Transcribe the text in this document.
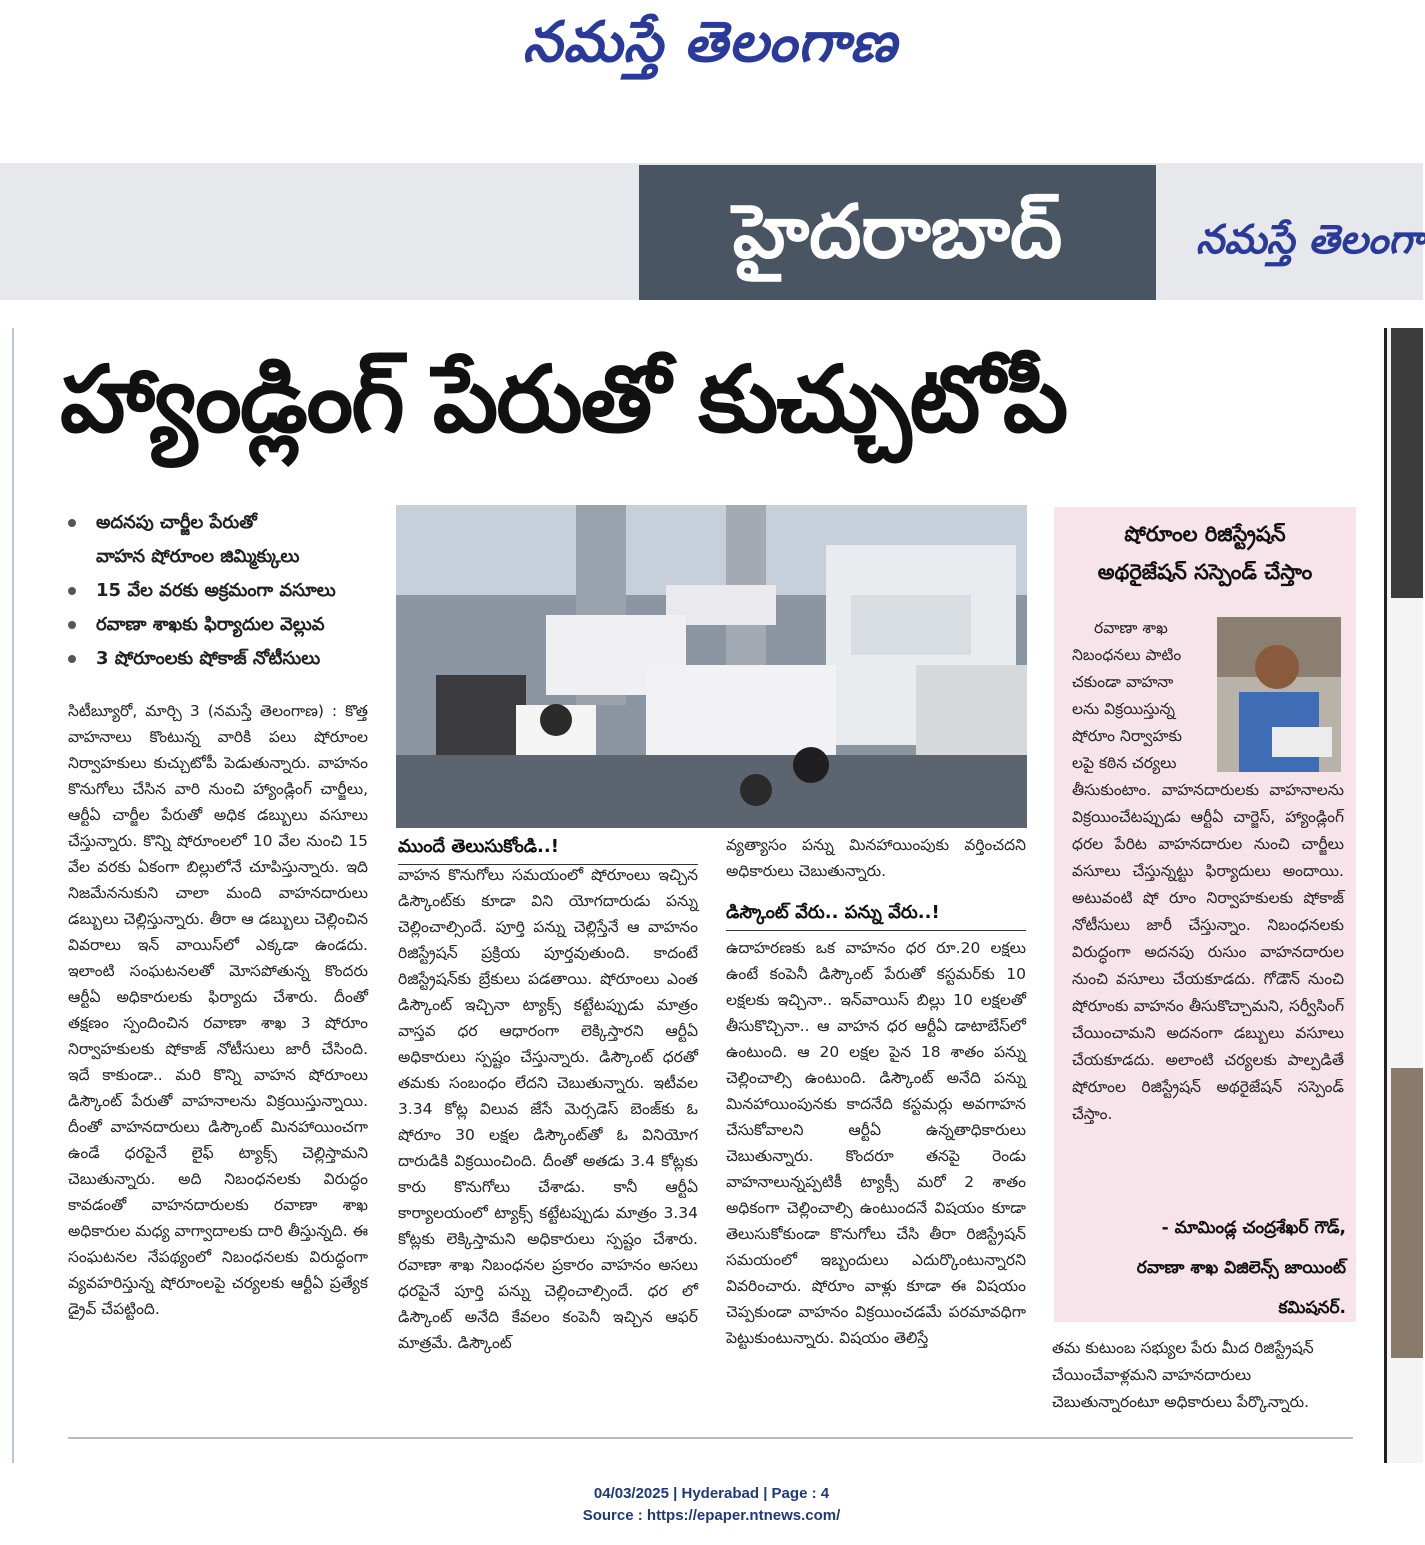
నమస్తే తెలంగాణ
హైదరాబాద్	నమస్తే తెలంగా
హ్యాండ్లింగ్ పేరుతో కుచ్చుటోపీ
అదనపు చార్జీల పేరుతో
వాహన షోరూంల జిమ్మిక్కులు
15 వేల వరకు అక్రమంగా వసూలు
రవాణా శాఖకు ఫిర్యాదుల వెల్లువ
3 షోరూంలకు షోకాజ్ నోటీసులు

సిటీబ్యూరో, మార్చి 3 (నమస్తే తెలంగాణ) : కొత్త వాహనాలు కొంటున్న వారికి పలు షోరూంల నిర్వాహకులు కుచ్చుటోపీ పెడుతున్నారు. వాహనం కొనుగోలు చేసిన వారి నుంచి హ్యాండ్లింగ్ చార్జీలు, ఆర్టీఏ చార్జీల పేరుతో అధిక డబ్బులు వసూలు చేస్తున్నారు. కొన్ని షోరూంలలో 10 వేల నుంచి 15 వేల వరకు ఏకంగా బిల్లులోనే చూపిస్తున్నారు. ఇది నిజమేననుకుని చాలా మంది వాహనదారులు డబ్బులు చెల్లిస్తున్నారు. తీరా ఆ డబ్బులు చెల్లించిన వివరాలు ఇన్ వాయిస్‌లో ఎక్కడా ఉండదు. ఇలాంటి సంఘటనలతో మోసపోతున్న కొందరు ఆర్టీఏ అధికారులకు ఫిర్యాదు చేశారు. దీంతో తక్షణం స్పందించిన రవాణా శాఖ 3 షోరూం నిర్వాహకులకు షోకాజ్ నోటీసులు జారీ చేసింది. ఇదే కాకుండా.. మరి కొన్ని వాహన షోరూంలు డిస్కౌంట్ పేరుతో వాహనాలను విక్రయిస్తున్నాయి. దీంతో వాహనదారులు డిస్కౌంట్ మినహాయించగా ఉండే ధరపైనే లైఫ్ ట్యాక్స్ చెల్లిస్తామని చెబుతున్నారు. అది నిబంధనలకు విరుద్ధం కావడంతో వాహనదారులకు రవాణా శాఖ అధికారుల మధ్య వాగ్వాదాలకు దారి తీస్తున్నది. ఈ సంఘటనల నేపథ్యంలో నిబంధనలకు విరుద్ధంగా వ్యవహరిస్తున్న షోరూంలపై చర్యలకు ఆర్టీఏ ప్రత్యేక డ్రైవ్ చేపట్టింది.

ముందే తెలుసుకోండి..!

వాహన కొనుగోలు సమయంలో షోరూంలు ఇచ్చిన డిస్కౌంట్‌కు కూడా విని యోగదారుడు పన్ను చెల్లించాల్సిందే. పూర్తి పన్ను చెల్లిస్తేనే ఆ వాహనం రిజిస్ట్రేషన్ ప్రక్రియ పూర్తవుతుంది. కాదంటే రిజిస్ట్రేషన్‌కు బ్రేకులు పడతాయి. షోరూంలు ఎంత డిస్కౌంట్ ఇచ్చినా ట్యాక్స్ కట్టేటప్పుడు మాత్రం వాస్తవ ధర ఆధారంగా లెక్కిస్తారని ఆర్టీఏ అధికారులు స్పష్టం చేస్తున్నారు. డిస్కౌంట్ ధరతో తమకు సంబంధం లేదని చెబుతున్నారు. ఇటీవల 3.34 కోట్ల విలువ జేసే మెర్సడెస్ బెంజ్‌కు ఓ షోరూం 30 లక్షల డిస్కౌంట్‌తో ఓ వినియోగ దారుడికి విక్రయించింది. దీంతో అతడు 3.4 కోట్లకు కారు కొనుగోలు చేశాడు. కానీ ఆర్టీఏ కార్యాలయంలో ట్యాక్స్ కట్టేటప్పుడు మాత్రం 3.34 కోట్లకు లెక్కిస్తామని అధికారులు స్పష్టం చేశారు. రవాణా శాఖ నిబంధనల ప్రకారం వాహనం అసలు ధరపైనే పూర్తి పన్ను చెల్లించాల్సిందే. ధర లో డిస్కౌంట్ అనేది కేవలం కంపెనీ ఇచ్చిన ఆఫర్ మాత్రమే. డిస్కౌంట్

వ్యత్యాసం పన్ను మినహాయింపుకు వర్తించదని అధికారులు చెబుతున్నారు.

డిస్కౌంట్ వేరు.. పన్ను వేరు..!

ఉదాహరణకు ఒక వాహనం ధర రూ.20 లక్షలు ఉంటే కంపెనీ డిస్కౌంట్ పేరుతో కస్టమర్‌కు 10 లక్షలకు ఇచ్చినా.. ఇన్‌వాయిస్ బిల్లు 10 లక్షలతో తీసుకొచ్చినా.. ఆ వాహన ధర ఆర్టీఏ డాటాబేస్‌లో ఉంటుంది. ఆ 20 లక్షల పైన 18 శాతం పన్ను చెల్లించాల్సి ఉంటుంది. డిస్కౌంట్ అనేది పన్ను మినహాయింపునకు కాదనేది కస్టమర్లు అవగాహన చేసుకోవాలని ఆర్టీఏ ఉన్నతాధికారులు చెబుతున్నారు. కొందరూ తనపై రెండు వాహనాలున్నప్పటికీ ట్యాక్సీ మరో 2 శాతం అధికంగా చెల్లించాల్సి ఉంటుందనే విషయం కూడా తెలుసుకోకుండా కొనుగోలు చేసి తీరా రిజిస్ట్రేషన్ సమయంలో ఇబ్బందులు ఎదుర్కొంటున్నారని వివరించారు. షోరూం వాళ్లు కూడా ఈ విషయం చెప్పకుండా వాహనం విక్రయించడమే పరమావధిగా పెట్టుకుంటున్నారు. విషయం తెలిస్తే

షోరూంల రిజిస్ట్రేషన్
అథరైజేషన్ సస్పెండ్ చేస్తాం
రవాణా శాఖ
నిబంధనలు పాటిం
చకుండా వాహనా
లను విక్రయిస్తున్న
షోరూం నిర్వాహకు
లపై కఠిన చర్యలు

తీసుకుంటాం. వాహనదారులకు వాహనాలను విక్రయించేటప్పుడు ఆర్టీఏ చార్జెస్, హ్యాండ్లింగ్ ధరల పేరిట వాహనదారుల నుంచి చార్జీలు వసూలు చేస్తున్నట్టు ఫిర్యాదులు అందాయి. అటువంటి షో రూం నిర్వాహకులకు షోకాజ్ నోటీసులు జారీ చేస్తున్నాం. నిబంధనలకు విరుద్ధంగా అదనపు రుసుం వాహనదారుల నుంచి వసూలు చేయకూడదు. గోడౌన్ నుంచి షోరూంకు వాహనం తీసుకొచ్చామని, సర్వీసింగ్ చేయించామని అదనంగా డబ్బులు వసూలు చేయకూడదు. అలాంటి చర్యలకు పాల్పడితే షోరూంల రిజిస్ట్రేషన్ అథరైజేషన్ సస్పెండ్ చేస్తాం.

- మామిండ్ల చంద్రశేఖర్ గౌడ్,
రవాణా శాఖ విజిలెన్స్ జాయింట్
కమిషనర్.
తమ కుటుంబ సభ్యుల పేరు మీద రిజిస్ట్రేషన్ చేయించేవాళ్లమని వాహనదారులు చెబుతున్నారంటూ అధికారులు పేర్కొన్నారు.
04/03/2025 | Hyderabad | Page : 4
Source : https://epaper.ntnews.com/
